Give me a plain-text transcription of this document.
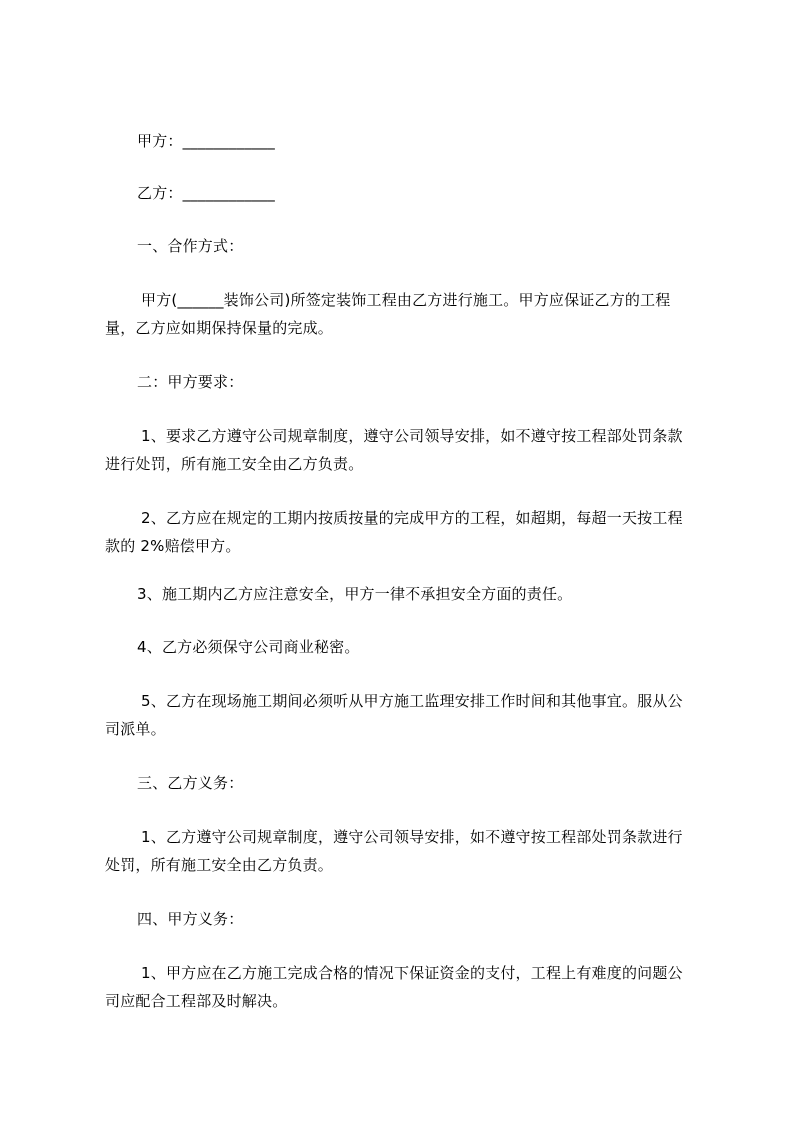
甲方：____________
乙方：____________
一、合作方式：
甲方(______装饰公司)所签定装饰工程由乙方进行施工。甲方应保证乙方的工程
量，乙方应如期保持保量的完成。
二：甲方要求：
1、要求乙方遵守公司规章制度，遵守公司领导安排，如不遵守按工程部处罚条款
进行处罚，所有施工安全由乙方负责。
2、乙方应在规定的工期内按质按量的完成甲方的工程，如超期，每超一天按工程
款的 2%赔偿甲方。
3、施工期内乙方应注意安全，甲方一律不承担安全方面的责任。
4、乙方必须保守公司商业秘密。
5、乙方在现场施工期间必须听从甲方施工监理安排工作时间和其他事宜。服从公
司派单。
三、乙方义务：
1、乙方遵守公司规章制度，遵守公司领导安排，如不遵守按工程部处罚条款进行
处罚，所有施工安全由乙方负责。
四、甲方义务：
1、甲方应在乙方施工完成合格的情况下保证资金的支付，工程上有难度的问题公
司应配合工程部及时解决。
